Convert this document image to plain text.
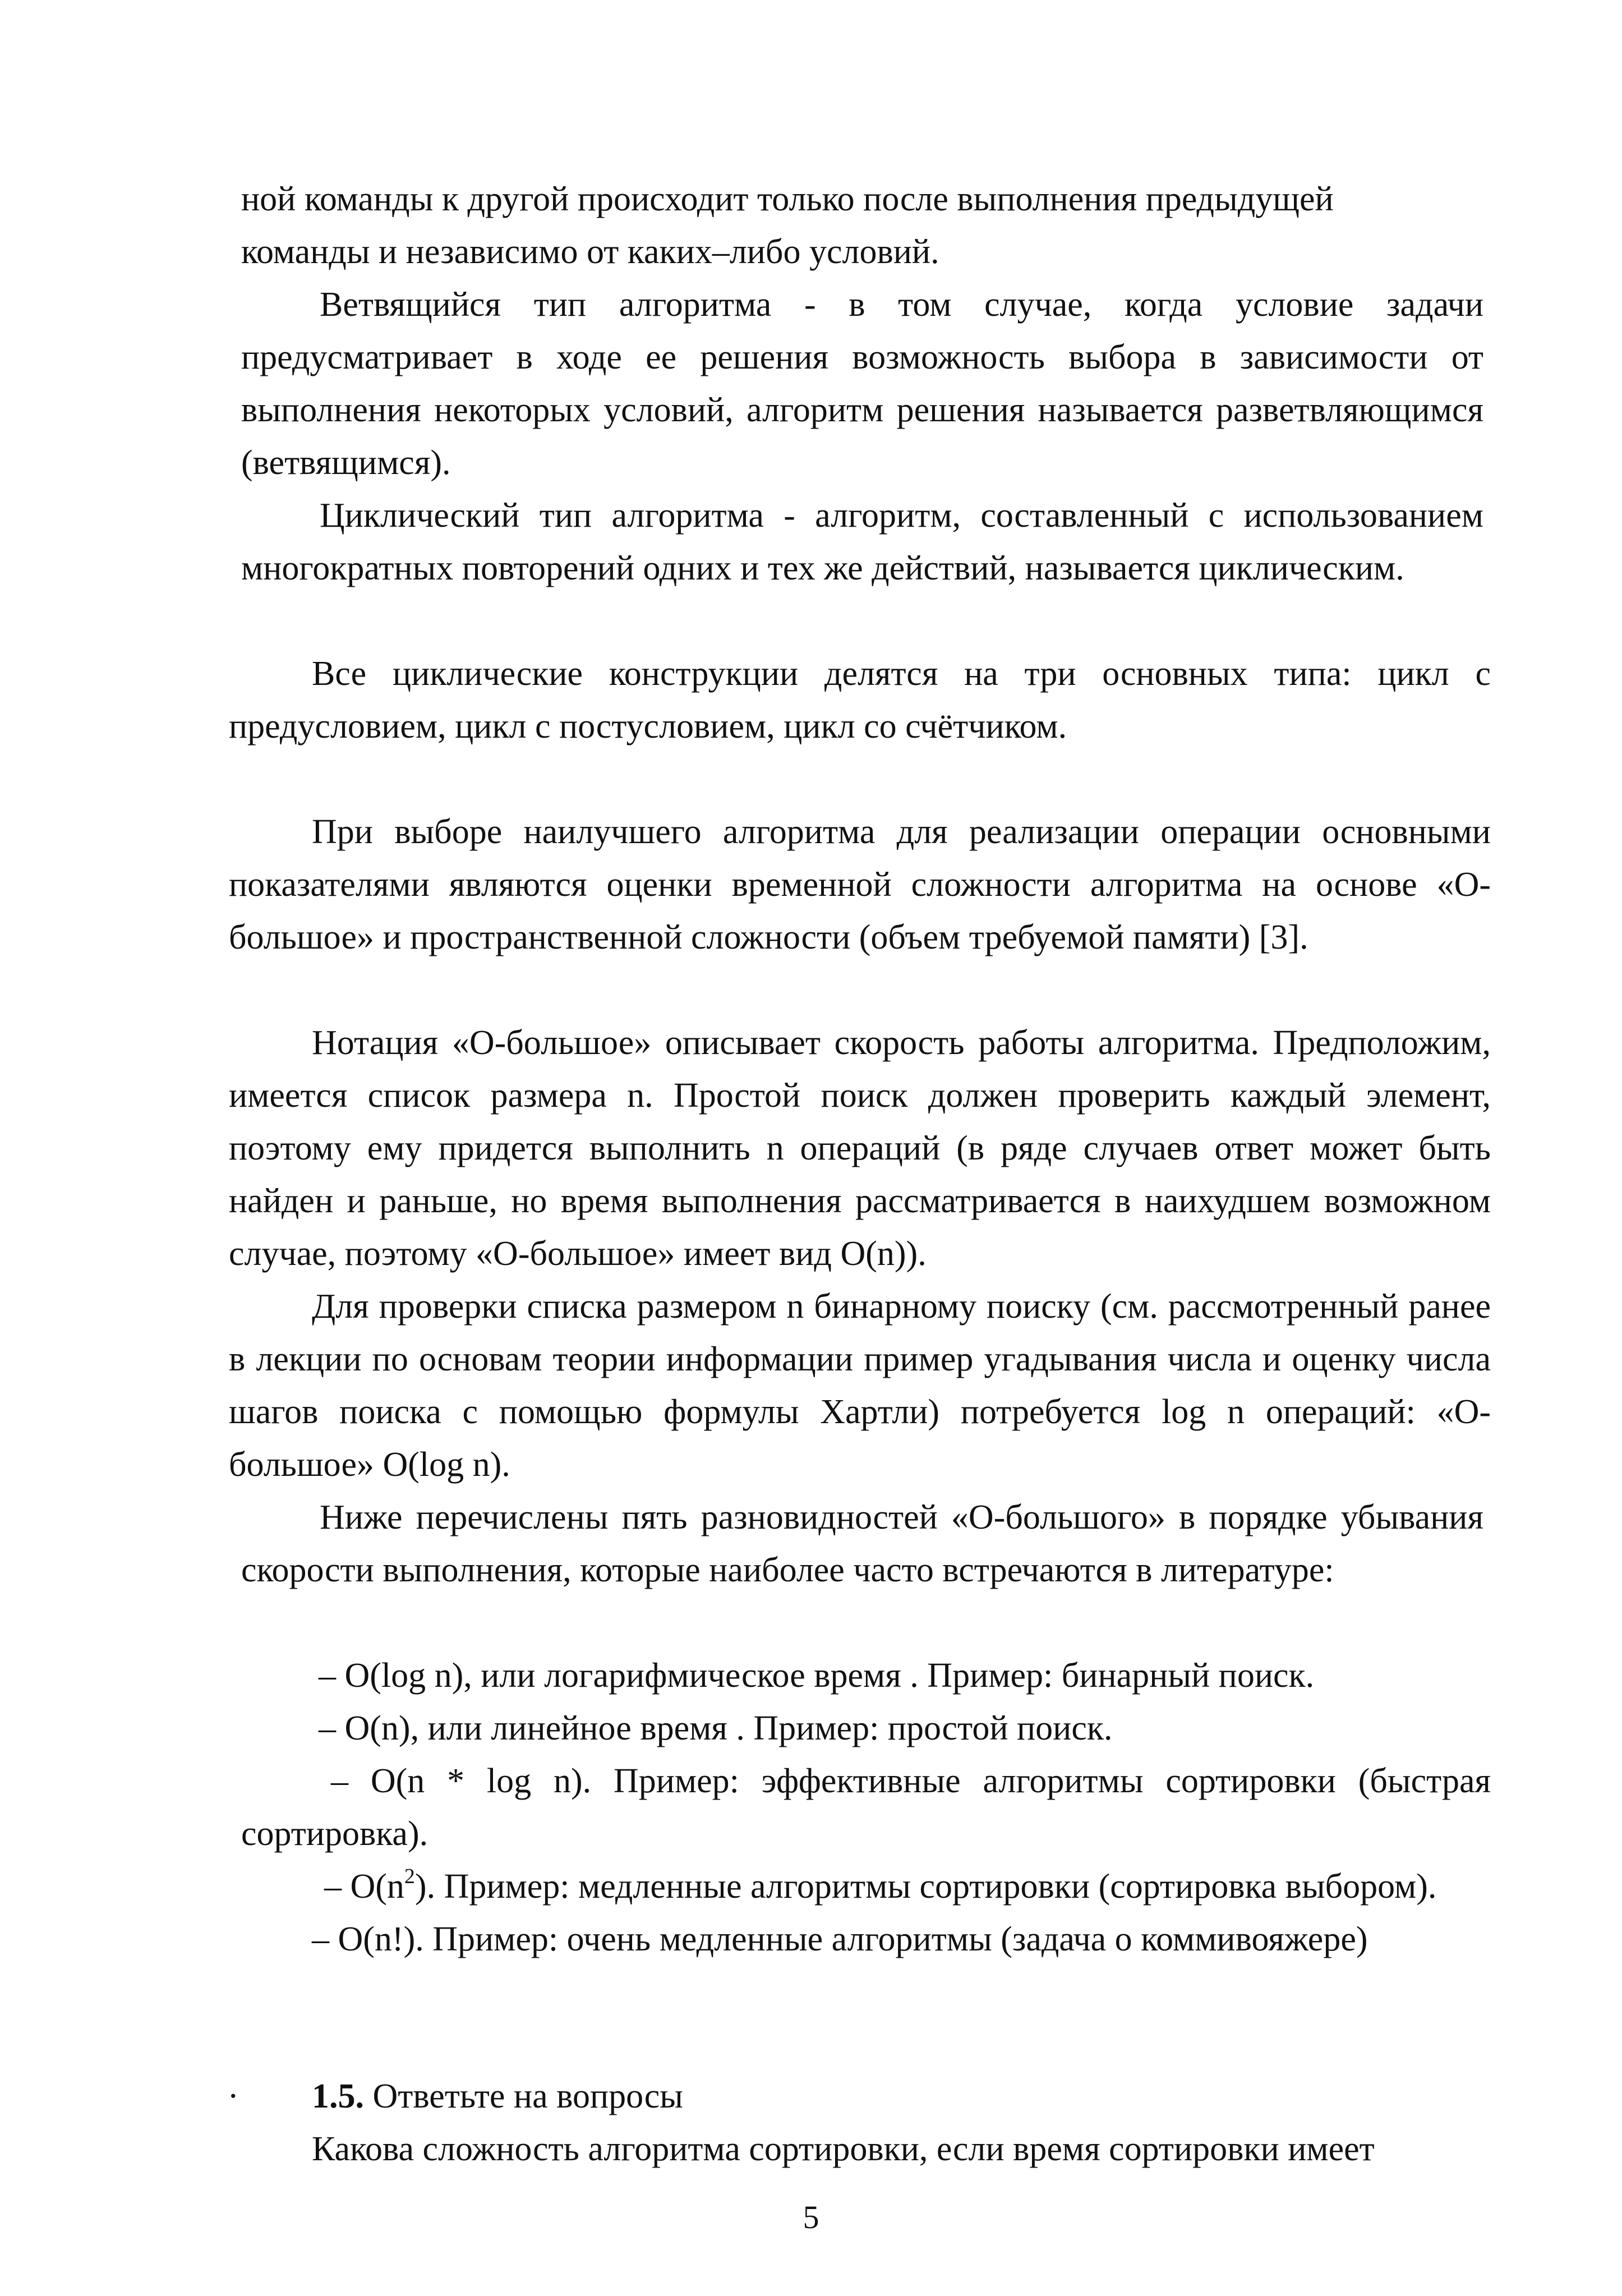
ной команды к другой происходит только после выполнения предыдущей
команды и независимо от каких–либо условий.

Ветвящийся тип алгоритма - в том случае, когда условие задачи предусматривает в ходе ее решения возможность выбора в зависимости от выполнения некоторых условий, алгоритм решения называется разветвляющимся (ветвящимся).

Циклический тип алгоритма - алгоритм, составленный с использованием многократных повторений одних и тех же действий, называется циклическим.

Все циклические конструкции делятся на три основных типа: цикл с предусловием, цикл с постусловием, цикл со счётчиком.

При выборе наилучшего алгоритма для реализации операции основными показателями являются оценки временной сложности алгоритма на основе «О-большое» и пространственной сложности (объем требуемой памяти) [3].

Нотация «О-большое» описывает скорость работы алгоритма. Предположим, имеется список размера n. Простой поиск должен проверить каждый элемент, поэтому ему придется выполнить n операций (в ряде случаев ответ может быть найден и раньше, но время выполнения рассматривается в наихудшем возможном случае, поэтому «О-большое» имеет вид O(n)).

Для проверки списка размером n бинарному поиску (см. рассмотренный ранее в лекции по основам теории информации пример угадывания числа и оценку числа шагов поиска с помощью формулы Хартли) потребуется log n операций: «О-большое» O(log n).

Ниже перечислены пять разновидностей «О-большого» в порядке убывания скорости выполнения, которые наиболее часто встречаются в литературе:

– O(log n), или логарифмическое время . Пример: бинарный поиск.

– O(n), или линейное время . Пример: простой поиск.

– O(n * log n). Пример: эффективные алгоритмы сортировки (быстрая сортировка).

– $O(n^2)$. Пример: медленные алгоритмы сортировки (сортировка выбором).

– O(n!). Пример: очень медленные алгоритмы (задача о коммивояжере)

.	1.5. Ответьте на вопросы

Какова сложность алгоритма сортировки, если время сортировки имеет

5
